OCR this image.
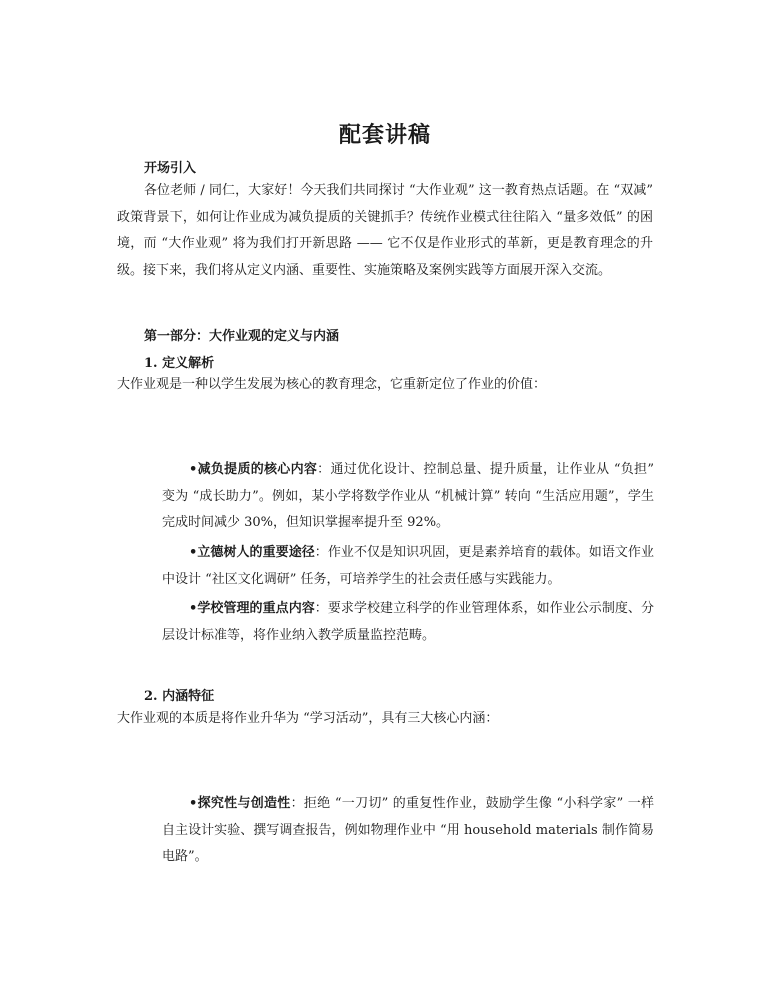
配套讲稿
开场引入
各位老师 / 同仁，大家好！今天我们共同探讨 “大作业观” 这一教育热点话题。在 “双减” 政策背景下，如何让作业成为减负提质的关键抓手？传统作业模式往往陷入 “量多效低” 的困境，而 “大作业观” 将为我们打开新思路 —— 它不仅是作业形式的革新，更是教育理念的升级。接下来，我们将从定义内涵、重要性、实施策略及案例实践等方面展开深入交流。
第一部分：大作业观的定义与内涵
1. 定义解析
大作业观是一种以学生发展为核心的教育理念，它重新定位了作业的价值：
•减负提质的核心内容：通过优化设计、控制总量、提升质量，让作业从 “负担” 变为 “成长助力”。例如，某小学将数学作业从 “机械计算” 转向 “生活应用题”，学生完成时间减少 30%，但知识掌握率提升至 92%。
•立德树人的重要途径：作业不仅是知识巩固，更是素养培育的载体。如语文作业中设计 “社区文化调研” 任务，可培养学生的社会责任感与实践能力。
•学校管理的重点内容：要求学校建立科学的作业管理体系，如作业公示制度、分层设计标准等，将作业纳入教学质量监控范畴。
2. 内涵特征
大作业观的本质是将作业升华为 “学习活动”，具有三大核心内涵：
•探究性与创造性：拒绝 “一刀切” 的重复性作业，鼓励学生像 “小科学家” 一样自主设计实验、撰写调查报告，例如物理作业中 “用 household materials 制作简易电路”。
